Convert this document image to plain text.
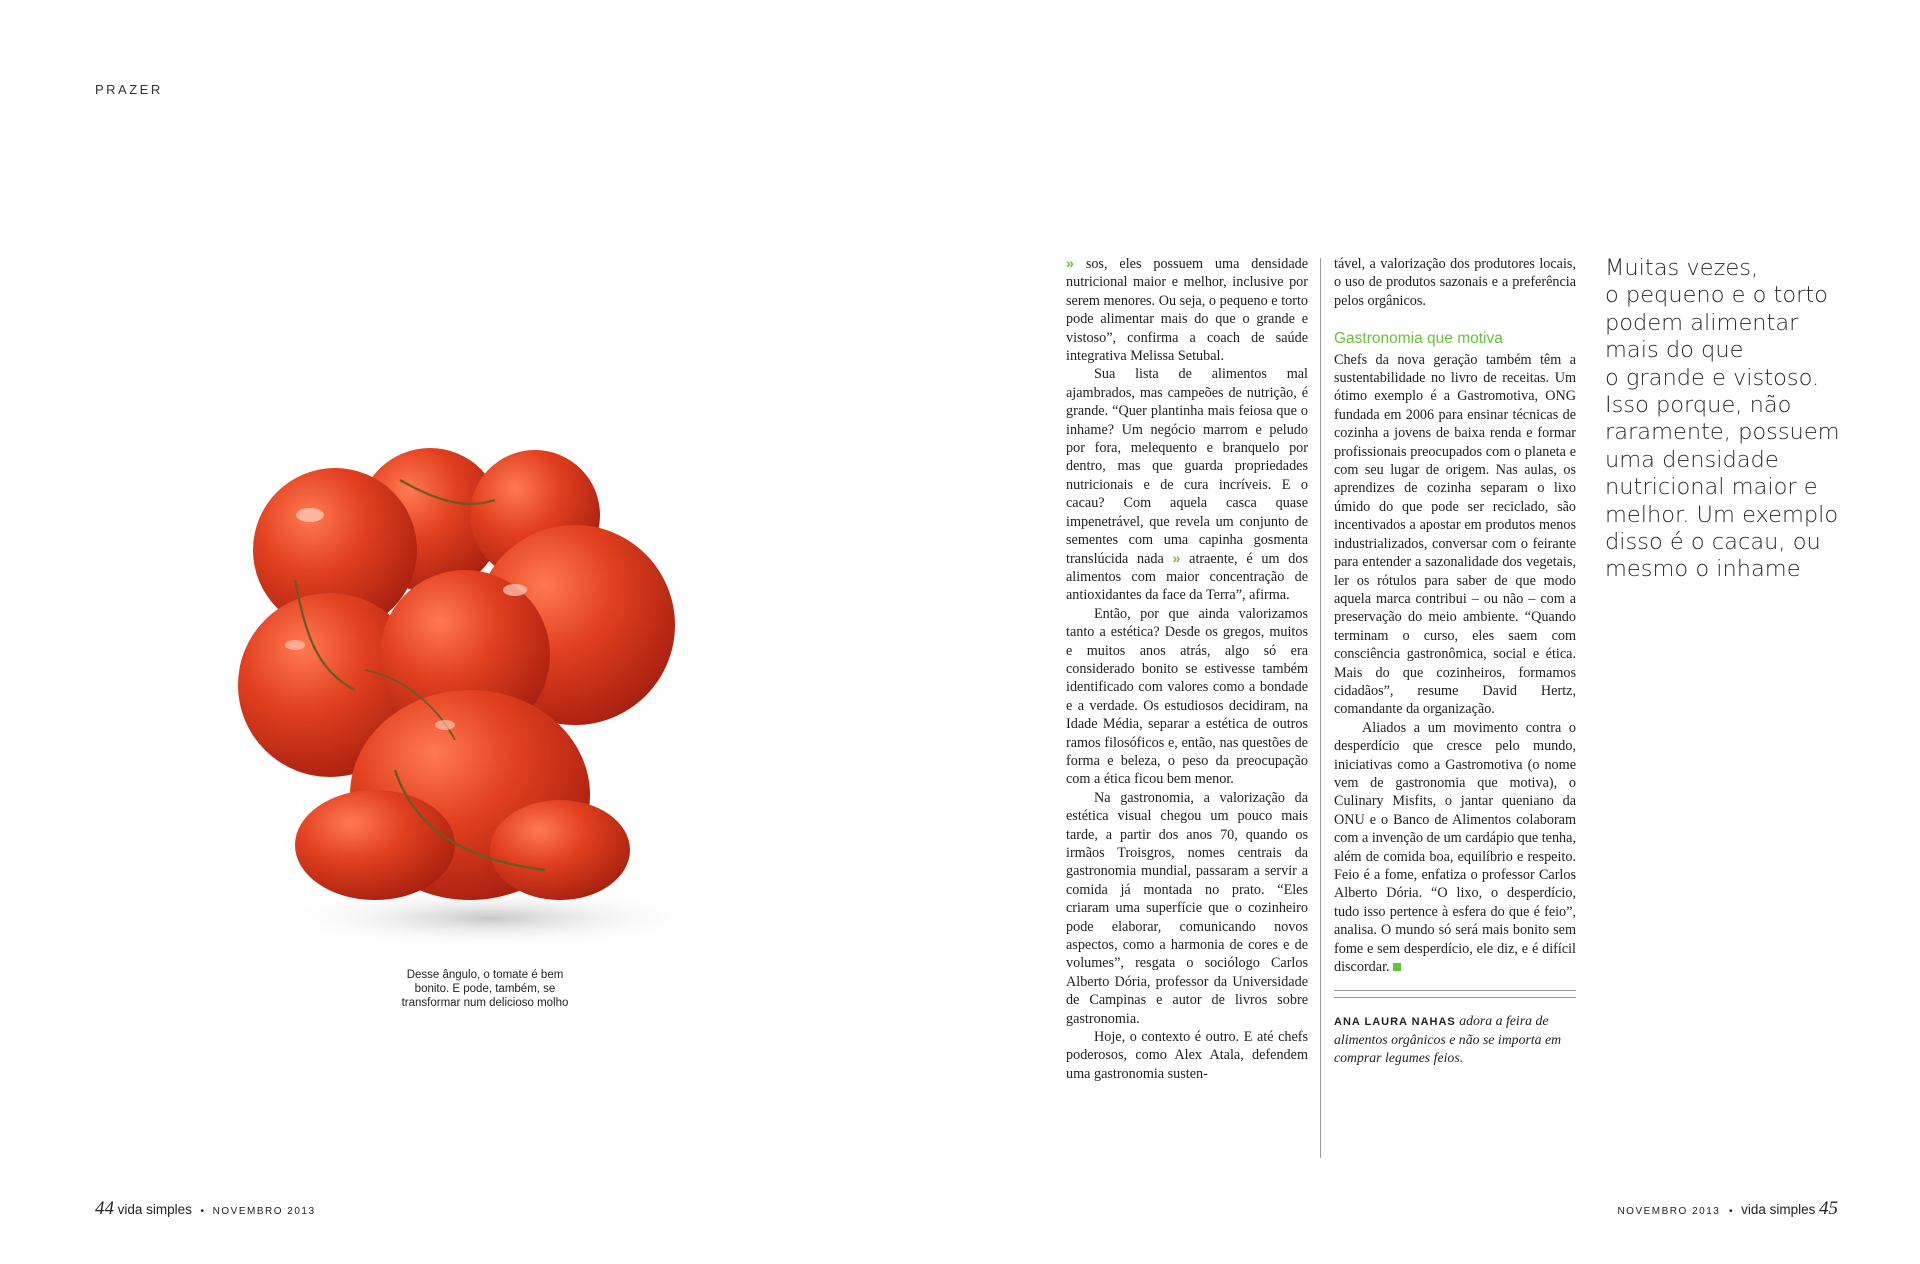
PRAZER
Desse ângulo, o tomate é bem bonito. E pode, também, se transformar num delicioso molho

» sos, eles possuem uma densidade nutricional maior e melhor, inclusive por serem menores. Ou seja, o pequeno e torto pode alimentar mais do que o grande e vistoso”, confirma a coach de saúde integrativa Melissa Setubal.

Sua lista de alimentos mal ajambrados, mas campeões de nutrição, é grande. “Quer plantinha mais feiosa que o inhame? Um negócio marrom e peludo por fora, melequento e branquelo por dentro, mas que guarda propriedades nutricionais e de cura incríveis. E o cacau? Com aquela casca quase impenetrável, que revela um conjunto de sementes com uma capinha gosmenta translúcida nada » atraente, é um dos alimentos com maior concentração de antioxidantes da face da Terra”, afirma.

Então, por que ainda valorizamos tanto a estética? Desde os gregos, muitos e muitos anos atrás, algo só era considerado bonito se estivesse também identificado com valores como a bondade e a verdade. Os estudiosos decidiram, na Idade Média, separar a estética de outros ramos filosóficos e, então, nas questões de forma e beleza, o peso da preocupação com a ética ficou bem menor.

Na gastronomia, a valorização da estética visual chegou um pouco mais tarde, a partir dos anos 70, quando os irmãos Troisgros, nomes centrais da gastronomia mundial, passaram a servir a comida já montada no prato. “Eles criaram uma superfície que o cozinheiro pode elaborar, comunicando novos aspectos, como a harmonia de cores e de volumes”, resgata o sociólogo Carlos Alberto Dória, professor da Universidade de Campinas e autor de livros sobre gastronomia.

Hoje, o contexto é outro. E até chefs poderosos, como Alex Atala, defendem uma gastronomia susten-

tável, a valorização dos produtores locais, o uso de produtos sazonais e a preferência pelos orgânicos.

Gastronomia que motiva

Chefs da nova geração também têm a sustentabilidade no livro de receitas. Um ótimo exemplo é a Gastromotiva, ONG fundada em 2006 para ensinar técnicas de cozinha a jovens de baixa renda e formar profissionais preocupados com o planeta e com seu lugar de origem. Nas aulas, os aprendizes de cozinha separam o lixo úmido do que pode ser reciclado, são incentivados a apostar em produtos menos industrializados, conversar com o feirante para entender a sazonalidade dos vegetais, ler os rótulos para saber de que modo aquela marca contribui – ou não – com a preservação do meio ambiente. “Quando terminam o curso, eles saem com consciência gastronômica, social e ética. Mais do que cozinheiros, formamos cidadãos”, resume David Hertz, comandante da organização.

Aliados a um movimento contra o desperdício que cresce pelo mundo, iniciativas como a Gastromotiva (o nome vem de gastronomia que motiva), o Culinary Misfits, o jantar queniano da ONU e o Banco de Alimentos colaboram com a invenção de um cardápio que tenha, além de comida boa, equilíbrio e respeito. Feio é a fome, enfatiza o professor Carlos Alberto Dória. “O lixo, o desperdício, tudo isso pertence à esfera do que é feio”, analisa. O mundo só será mais bonito sem fome e sem desperdício, ele diz, e é difícil discordar.

ANA LAURA NAHAS adora a feira de alimentos orgânicos e não se importa em comprar legumes feios.
Muitas vezes,
o pequeno e o torto
podem alimentar
mais do que
o grande e vistoso.
Isso porque, não
raramente, possuem
uma densidade
nutricional maior e
melhor. Um exemplo
disso é o cacau, ou
mesmo o inhame
44 vida simples • NOVEMBRO 2013	NOVEMBRO 2013 • vida simples 45
